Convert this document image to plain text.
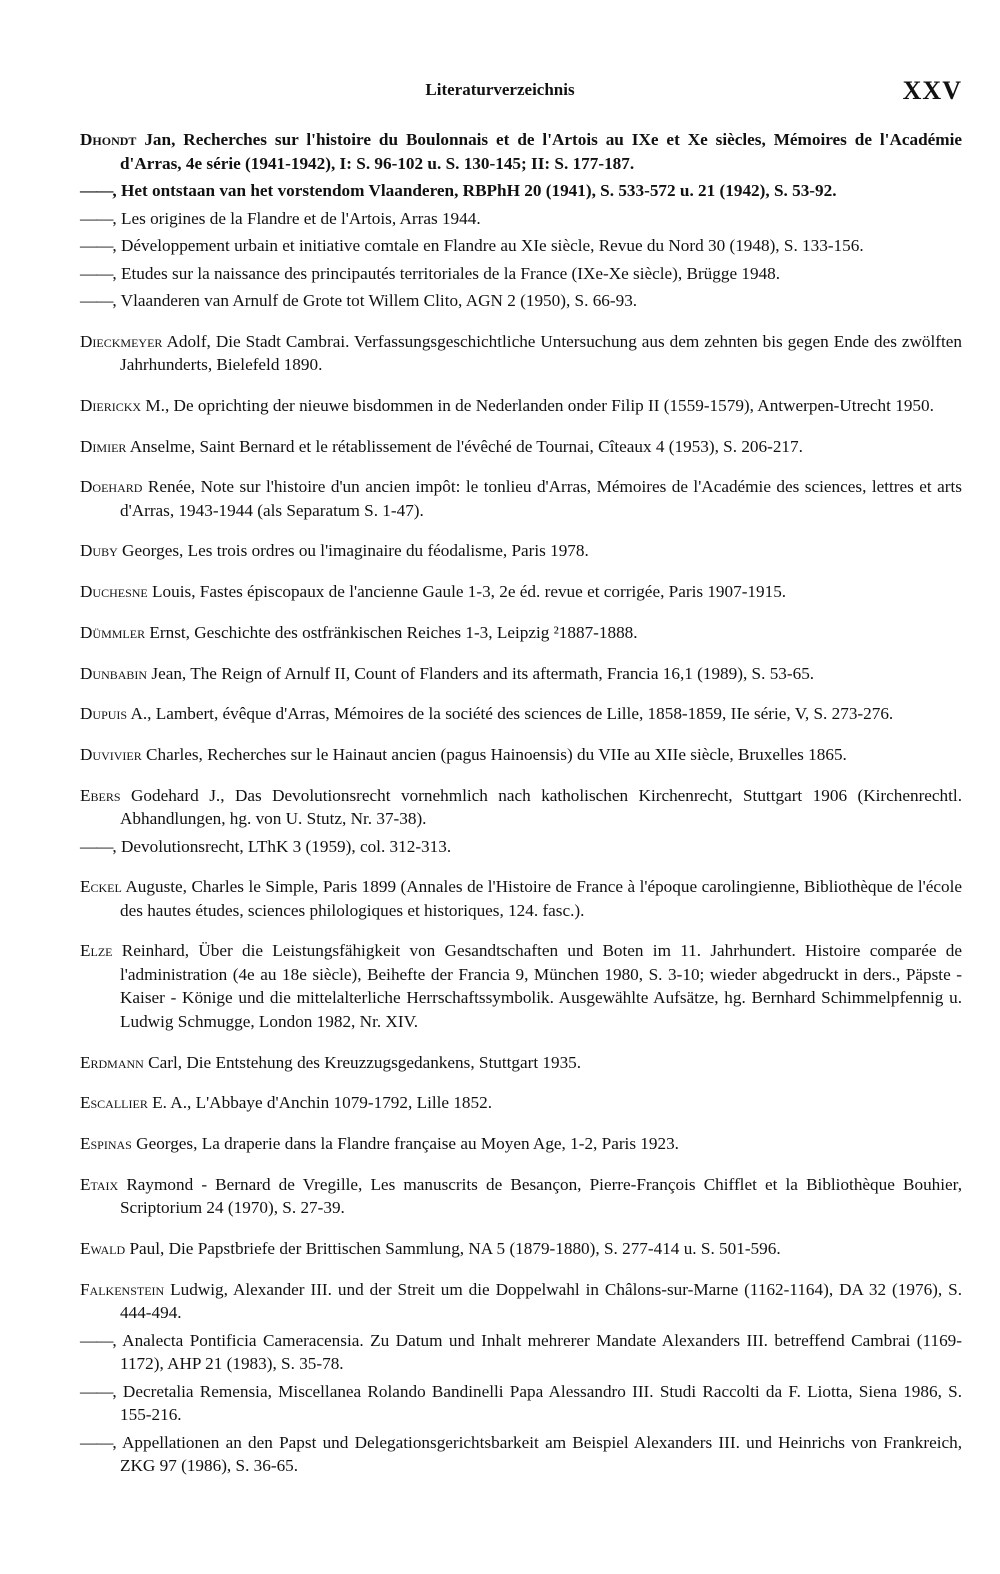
Literaturverzeichnis	XXV

Dhondt Jan, Recherches sur l'histoire du Boulonnais et de l'Artois au IXe et Xe siècles, Mémoires de l'Académie d'Arras, 4e série (1941-1942), I: S. 96-102 u. S. 130-145; II: S. 177-187.

——, Het ontstaan van het vorstendom Vlaanderen, RBPhH 20 (1941), S. 533-572 u. 21 (1942), S. 53-92.

——, Les origines de la Flandre et de l'Artois, Arras 1944.

——, Développement urbain et initiative comtale en Flandre au XIe siècle, Revue du Nord 30 (1948), S. 133-156.

——, Etudes sur la naissance des principautés territoriales de la France (IXe-Xe siècle), Brügge 1948.

——, Vlaanderen van Arnulf de Grote tot Willem Clito, AGN 2 (1950), S. 66-93.

Dieckmeyer Adolf, Die Stadt Cambrai. Verfassungsgeschichtliche Untersuchung aus dem zehnten bis gegen Ende des zwölften Jahrhunderts, Bielefeld 1890.

Dierickx M., De oprichting der nieuwe bisdommen in de Nederlanden onder Filip II (1559-1579), Antwerpen-Utrecht 1950.

Dimier Anselme, Saint Bernard et le rétablissement de l'évêché de Tournai, Cîteaux 4 (1953), S. 206-217.

Doehard Renée, Note sur l'histoire d'un ancien impôt: le tonlieu d'Arras, Mémoires de l'Académie des sciences, lettres et arts d'Arras, 1943-1944 (als Separatum S. 1-47).

Duby Georges, Les trois ordres ou l'imaginaire du féodalisme, Paris 1978.

Duchesne Louis, Fastes épiscopaux de l'ancienne Gaule 1-3, 2e éd. revue et corrigée, Paris 1907-1915.

Dümmler Ernst, Geschichte des ostfränkischen Reiches 1-3, Leipzig ²1887-1888.

Dunbabin Jean, The Reign of Arnulf II, Count of Flanders and its aftermath, Francia 16,1 (1989), S. 53-65.

Dupuis A., Lambert, évêque d'Arras, Mémoires de la société des sciences de Lille, 1858-1859, IIe série, V, S. 273-276.

Duvivier Charles, Recherches sur le Hainaut ancien (pagus Hainoensis) du VIIe au XIIe siècle, Bruxelles 1865.

Ebers Godehard J., Das Devolutionsrecht vornehmlich nach katholischen Kirchenrecht, Stuttgart 1906 (Kirchenrechtl. Abhandlungen, hg. von U. Stutz, Nr. 37-38).

——, Devolutionsrecht, LThK 3 (1959), col. 312-313.

Eckel Auguste, Charles le Simple, Paris 1899 (Annales de l'Histoire de France à l'époque carolingienne, Bibliothèque de l'école des hautes études, sciences philologiques et historiques, 124. fasc.).

Elze Reinhard, Über die Leistungsfähigkeit von Gesandtschaften und Boten im 11. Jahrhundert. Histoire comparée de l'administration (4e au 18e siècle), Beihefte der Francia 9, München 1980, S. 3-10; wieder abgedruckt in ders., Päpste - Kaiser - Könige und die mittelalterliche Herrschaftssymbolik. Ausgewählte Aufsätze, hg. Bernhard Schimmelpfennig u. Ludwig Schmugge, London 1982, Nr. XIV.

Erdmann Carl, Die Entstehung des Kreuzzugsgedankens, Stuttgart 1935.

Escallier E. A., L'Abbaye d'Anchin 1079-1792, Lille 1852.

Espinas Georges, La draperie dans la Flandre française au Moyen Age, 1-2, Paris 1923.

Etaix Raymond - Bernard de Vregille, Les manuscrits de Besançon, Pierre-François Chifflet et la Bibliothèque Bouhier, Scriptorium 24 (1970), S. 27-39.

Ewald Paul, Die Papstbriefe der Brittischen Sammlung, NA 5 (1879-1880), S. 277-414 u. S. 501-596.

Falkenstein Ludwig, Alexander III. und der Streit um die Doppelwahl in Châlons-sur-Marne (1162-1164), DA 32 (1976), S. 444-494.

——, Analecta Pontificia Cameracensia. Zu Datum und Inhalt mehrerer Mandate Alexanders III. betreffend Cambrai (1169-1172), AHP 21 (1983), S. 35-78.

——, Decretalia Remensia, Miscellanea Rolando Bandinelli Papa Alessandro III. Studi Raccolti da F. Liotta, Siena 1986, S. 155-216.

——, Appellationen an den Papst und Delegationsgerichtsbarkeit am Beispiel Alexanders III. und Heinrichs von Frankreich, ZKG 97 (1986), S. 36-65.
